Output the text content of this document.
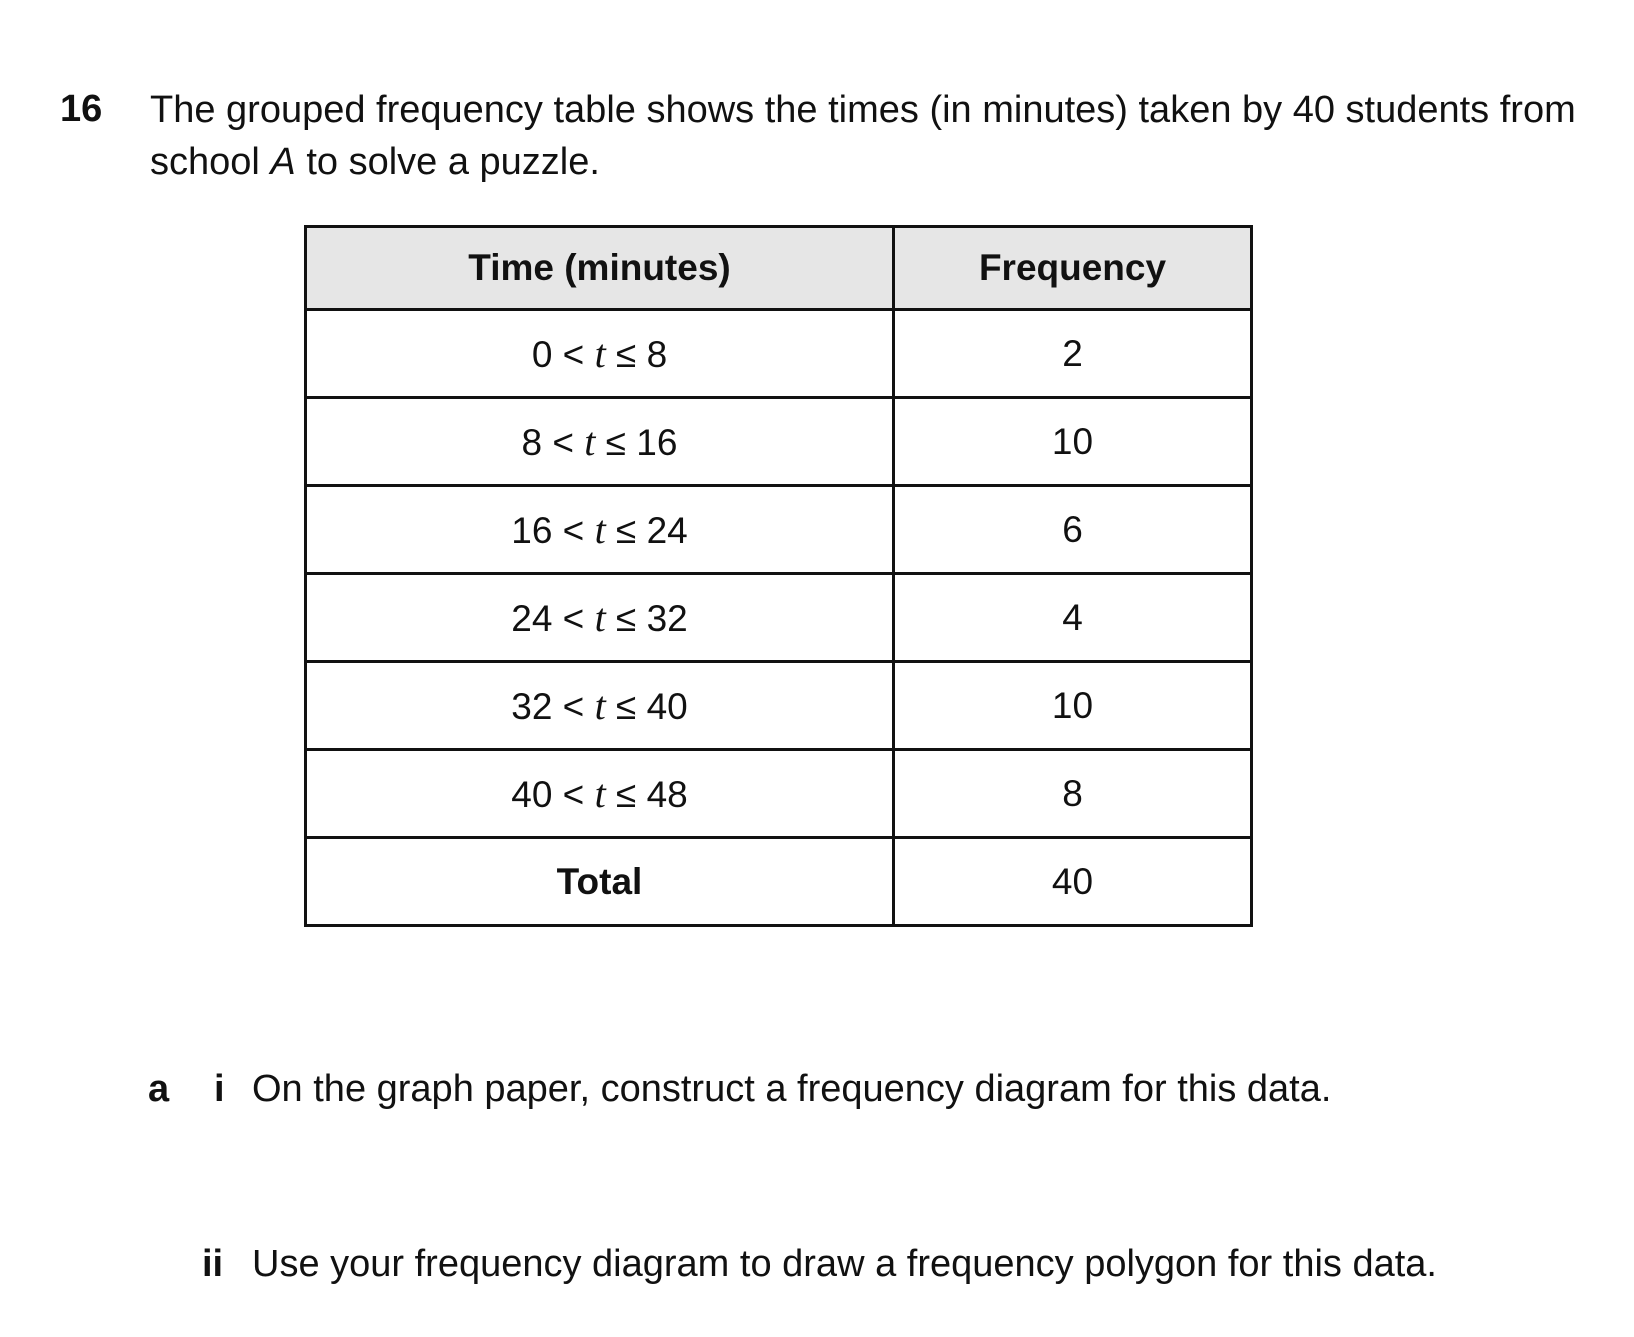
16 The grouped frequency table shows the times (in minutes) taken by 40 students from school A to solve a puzzle.
Time (minutes)	Frequency
0 < t ≤ 8	2
8 < t ≤ 16	10
16 < t ≤ 24	6
24 < t ≤ 32	4
32 < t ≤ 40	10
40 < t ≤ 48	8
Total	40
a i On the graph paper, construct a frequency diagram for this data.
ii Use your frequency diagram to draw a frequency polygon for this data.
